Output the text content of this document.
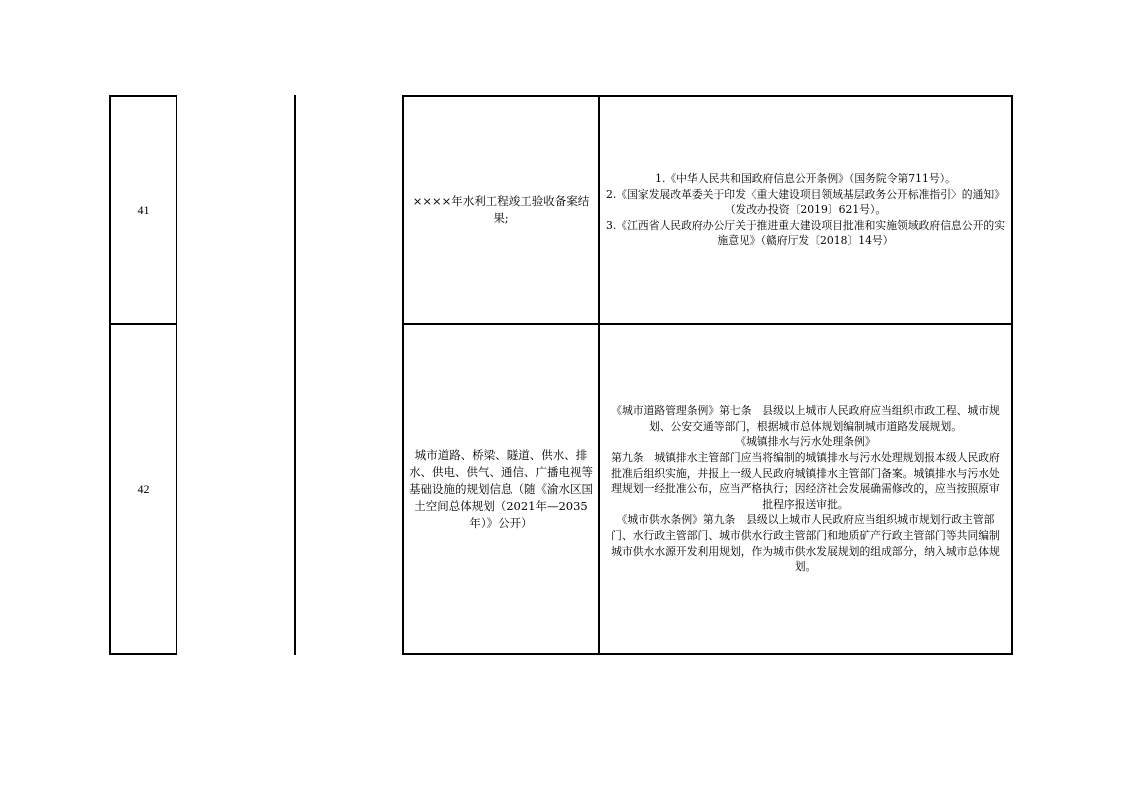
41
42
××××年水利工程竣工验收备案结果;

1.《中华人民共和国政府信息公开条例》（国务院令第711号）。

2.《国家发展改革委关于印发〈重大建设项目领域基层政务公开标准指引〉的通知》（发改办投资〔2019〕621号）。

3.《江西省人民政府办公厅关于推进重大建设项目批准和实施领域政府信息公开的实施意见》（赣府厅发〔2018〕14号）

城市道路、桥梁、隧道、供水、排水、供电、供气、通信、广播电视等基础设施的规划信息（随《渝水区国土空间总体规划（2021年—2035年）》公开）

《城市道路管理条例》第七条　县级以上城市人民政府应当组织市政工程、城市规划、公安交通等部门，根据城市总体规划编制城市道路发展规划。

《城镇排水与污水处理条例》

第九条　城镇排水主管部门应当将编制的城镇排水与污水处理规划报本级人民政府批准后组织实施，并报上一级人民政府城镇排水主管部门备案。城镇排水与污水处理规划一经批准公布，应当严格执行；因经济社会发展确需修改的，应当按照原审批程序报送审批。

《城市供水条例》第九条　县级以上城市人民政府应当组织城市规划行政主管部门、水行政主管部门、城市供水行政主管部门和地质矿产行政主管部门等共同编制城市供水水源开发利用规划，作为城市供水发展规划的组成部分，纳入城市总体规划。
